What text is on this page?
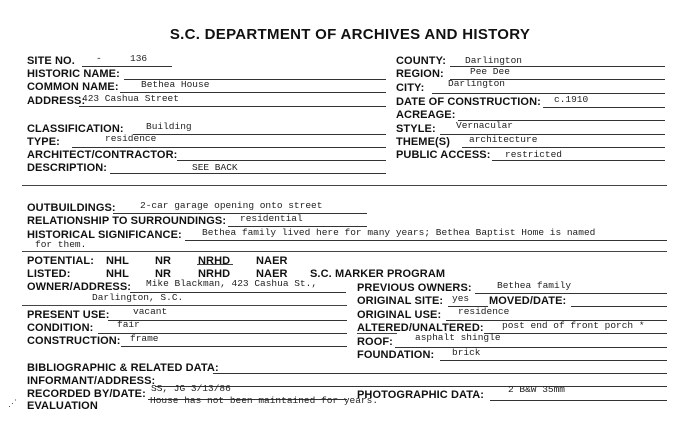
S.C. DEPARTMENT OF ARCHIVES AND HISTORY
SITE NO. -	136	COUNTY: Darlington
HISTORIC NAME:	REGION:	Pee Dee
COMMON NAME: Bethea House	CITY: Darlington
ADDRESS:
423 Cashua Street	DATE OF CONSTRUCTION: c.1910
ACREAGE:
CLASSIFICATION: Building	STYLE: Vernacular
TYPE:	residence	THEME(S) architecture
ARCHITECT/CONTRACTOR:	PUBLIC ACCESS: restricted
DESCRIPTION:	SEE BACK
OUTBUILDINGS:	2-car garage opening onto street
RELATIONSHIP TO SURROUNDINGS: residential
HISTORICAL SIGNIFICANCE: Bethea family lived here for many years; Bethea Baptist Home is named
for them.
POTENTIAL: NHL NR NRHD NAER
LISTED:	NHL NR NRHD NAER S.C. MARKER PROGRAM
OWNER/ADDRESS: Mike Blackman, 423 Cashua St.,
Darlington, S.C.
PREVIOUS OWNERS:	Bethea family
ORIGINAL SITE: yes MOVED/DATE:
PRESENT USE: vacant	ORIGINAL USE: residence
CONDITION: fair	ALTERED/UNALTERED: post end of front porch *
CONSTRUCTION: frame	ROOF: asphalt shingle
FOUNDATION: brick
BIBLIOGRAPHIC & RELATED DATA:
INFORMANT/ADDRESS:
RECORDED BY/DATE: SS, JG 3/13/86
PHOTOGRAPHIC DATA:	2 B&W 35mm
⋰ EVALUATION	House has not been maintained for years.
